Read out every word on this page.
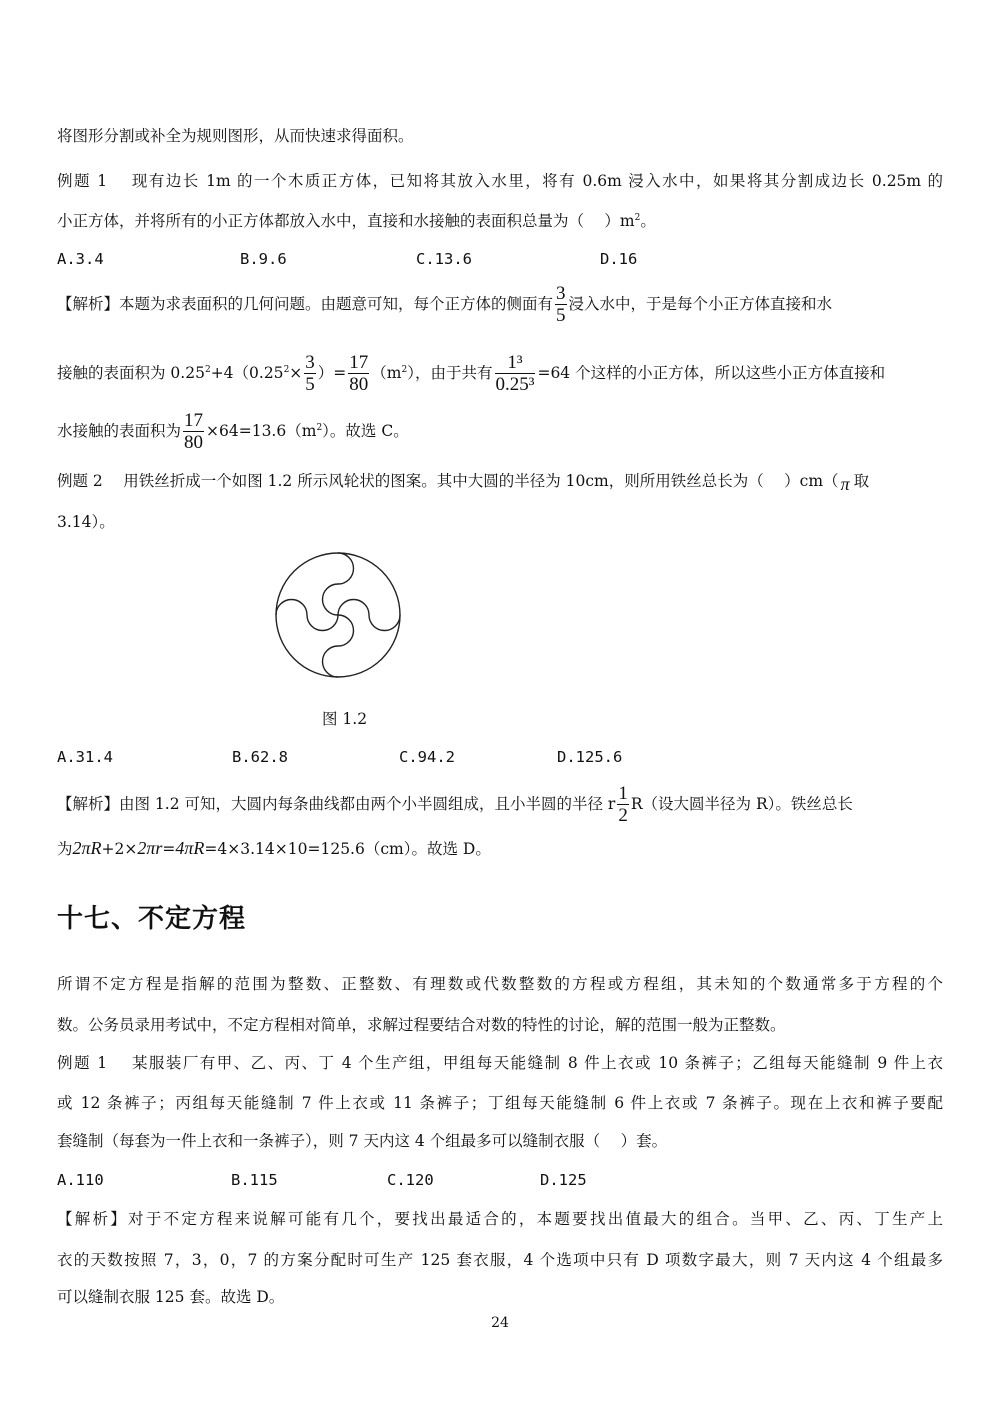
将图形分割或补全为规则图形，从而快速求得面积。
例题 1　 现有边长 1m 的一个木质正方体，已知将其放入水里，将有 0.6m 浸入水中，如果将其分割成边长 0.25m 的
小正方体，并将所有的小正方体都放入水中，直接和水接触的表面积总量为（　 ）$m^2$。
A.3.4	B.9.6	C.13.6	D.16
【解析】本题为求表面积的几何问题。由题意可知，每个正方体的侧面有 $\frac{3}{5}$ 浸入水中，于是每个小正方体直接和水
接触的表面积为 $0.25^2+4(0.25^2\times \frac{3}{5}$ ）= $\frac{17}{80} (m^2)$，由于共有 $\frac{\text{1³}}{\text{0.25³}} =64$ 个这样的小正方体，所以这些小正方体直接和
水接触的表面积为 $\frac{17}{80} \times 64=13.6(m^2)$。故选 C。
例题 2　 用铁丝折成一个如图 1.2 所示风轮状的图案。其中大圆的半径为 10cm，则所用铁丝总长为（　 ）cm（ π 取
3.14）。
图 1.2
A.31.4	B.62.8	C.94.2	D.125.6
【解析】由图 1.2 可知，大圆内每条曲线都由两个小半圆组成，且小半圆的半径 r $\frac{1}{2} R$（设大圆半径为 R）。铁丝总长
为2πR+2×2πr=4πR=4×3.14×10=125.6（cm）。故选 D。
十七、不定方程
所谓不定方程是指解的范围为整数、正整数、有理数或代数整数的方程或方程组，其未知的个数通常多于方程的个
数。公务员录用考试中，不定方程相对简单，求解过程要结合对数的特性的讨论，解的范围一般为正整数。
例题 1　 某服装厂有甲、乙、丙、丁 4 个生产组，甲组每天能缝制 8 件上衣或 10 条裤子；乙组每天能缝制 9 件上衣
或 12 条裤子；丙组每天能缝制 7 件上衣或 11 条裤子；丁组每天能缝制 6 件上衣或 7 条裤子。现在上衣和裤子要配
套缝制（每套为一件上衣和一条裤子），则 7 天内这 4 个组最多可以缝制衣服（　 ）套。
A.110	B.115	C.120	D.125
【解析】对于不定方程来说解可能有几个，要找出最适合的，本题要找出值最大的组合。当甲、乙、丙、丁生产上
衣的天数按照 7，3，0，7 的方案分配时可生产 125 套衣服，4 个选项中只有 D 项数字最大，则 7 天内这 4 个组最多
可以缝制衣服 125 套。故选 D。
24
